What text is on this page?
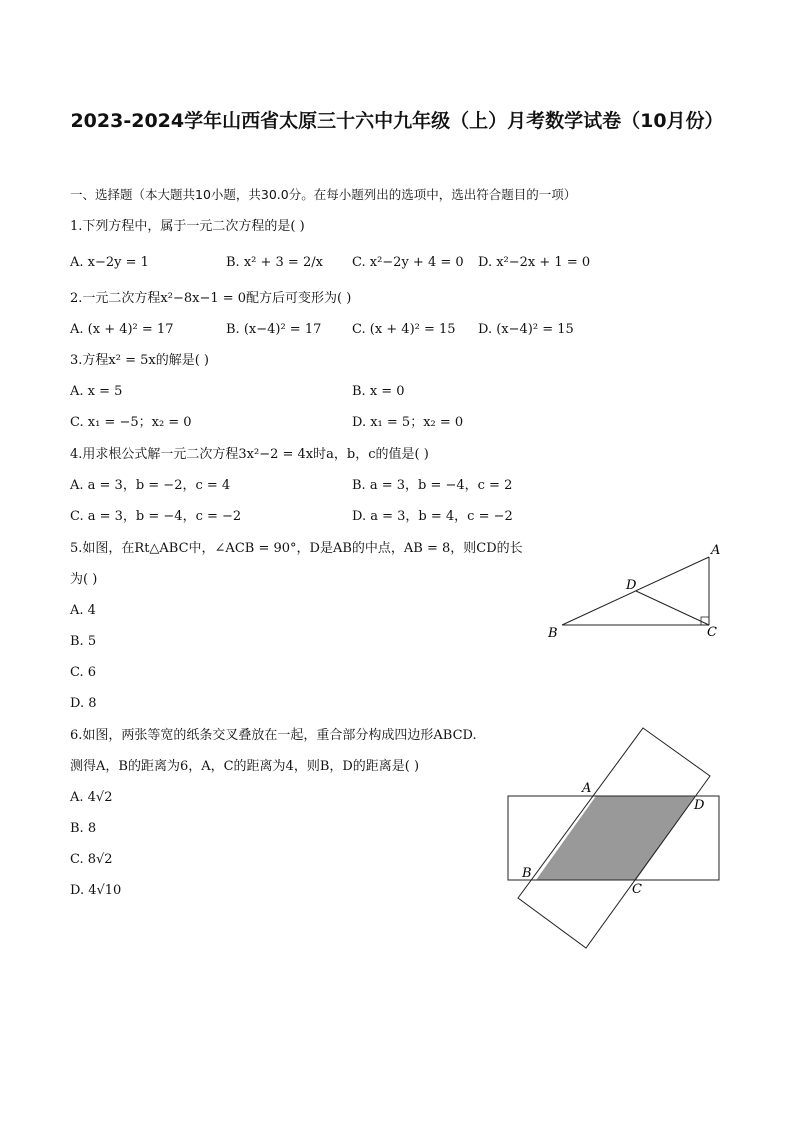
2023-2024学年山西省太原三十六中九年级（上）月考数学试卷（10月份）
一、选择题（本大题共10小题，共30.0分。在每小题列出的选项中，选出符合题目的一项）
1.下列方程中，属于一元二次方程的是( )
A. x−2y = 1	B. x² + 3 = 2/x C. x²−2y + 4 = 0 D. x²−2x + 1 = 0
2.一元二次方程x²−8x−1 = 0配方后可变形为( )
A. (x + 4)² = 17	B. (x−4)² = 17 C. (x + 4)² = 15 D. (x−4)² = 15
3.方程x² = 5x的解是( )
A. x = 5	B. x = 0
C. x₁ = −5；x₂ = 0	D. x₁ = 5；x₂ = 0
4.用求根公式解一元二次方程3x²−2 = 4x时a，b，c的值是( )
A. a = 3，b = −2，c = 4	B. a = 3，b = −4，c = 2
C. a = 3，b = −4，c = −2	D. a = 3，b = 4，c = −2
5.如图，在Rt△ABC中，∠ACB = 90°，D是AB的中点，AB = 8，则CD的长
为( )
A. 4
B. 5
C. 6
D. 8
A
D
B	C
6.如图，两张等宽的纸条交叉叠放在一起，重合部分构成四边形ABCD.
测得A，B的距离为6，A，C的距离为4，则B，D的距离是( )
A. 4√2
B. 8
C. 8√2
D. 4√10
A
D
B
C
